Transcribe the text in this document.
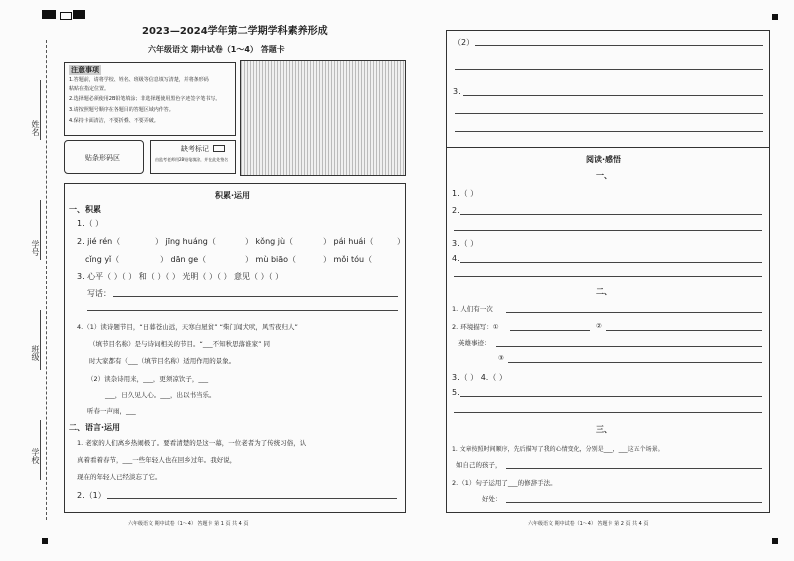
姓名
学号
班级
学校
2023—2024学年第二学期学科素养形成
六年级语文 期中试卷（1～4） 答题卡
注意事项
1.答题前，请将学校、姓名、班级等信息填写清楚，并将条形码
粘贴在指定位置。
2.选择题必须使用2B铅笔填涂；非选择题使用黑色字迹签字笔书写。
3.请按照题号顺序在各题目的答题区域内作答。
4.保持卡面清洁，不要折叠、不要弄破。
贴条形码区
缺考标记
由监考老师用2B铅笔填涂，并在此处签名
积累·运用
一、积累
1.（ ）
2. jié rén（	） jīng huáng（	） kǒng jù（	） pái huái（	）
cǐng yǐ（	） dān ge（	） mù biāo（	） mǒi tóu（
3. 心平（ ）（ ） 和（ ）（ ） 光明（ ）（ ） 意见（ ）（ ）
写话：
4.（1）读诗题节目，“日暮苍山远，天寒白屋贫” “柴门闻犬吠，风雪夜归人”
（填节目名称）是与诗词相关的节目。“___不知秋思落谁家” 同
时大家都有（___（填节目名称）适用作用的景象。
（2）读杂诗用来，___，更须凉饮子，___
___，日久见人心。___，出以书当乐。
听春一声雨，___
二、语言·运用
1. 老家的人们离乡热闹极了。要看清楚的是这一幕，一位老者为了传统习俗，认
真着看着春节，___一些年轻人也在回乡过年。我好说，
现在的年轻人已经淡忘了它。
2.（1）
六年级语文 期中试卷（1～4） 答题卡 第 1 页 共 4 页
（2）
3.
阅读·感悟
一、
1.（ ）
2.
3.（ ）
4.
二、
1. 人们有一次
2. 环境描写：①	②
英雄事迹：
③
3.（ ） 4.（ ）
5.
三、
1. 文章按照时间顺序，先后描写了我的心情变化，分别是___，___这五个场景。
如自己的孩子，
2.（1）句子运用了___的修辞手法。
好处：
六年级语文 期中试卷（1～4） 答题卡 第 2 页 共 4 页
